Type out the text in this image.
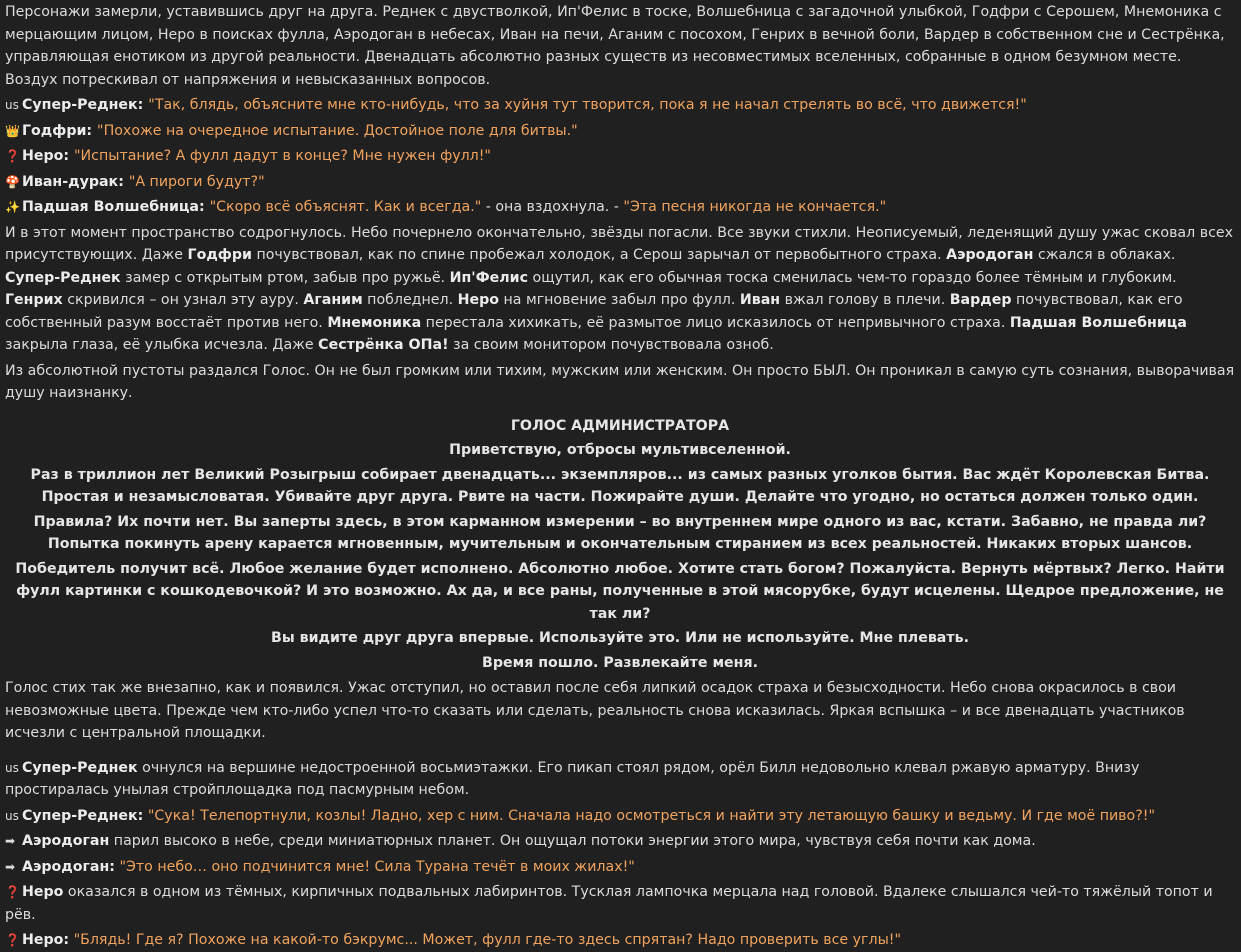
Персонажи замерли, уставившись друг на друга. Реднек с двустволкой, Ип'Фелис в тоске, Волшебница с загадочной улыбкой, Годфри с Серошем, Мнемоника с мерцающим лицом, Неро в поисках фулла, Аэродоган в небесах, Иван на печи, Аганим с посохом, Генрих в вечной боли, Вардер в собственном сне и Сестрёнка, управляющая енотиком из другой реальности. Двенадцать абсолютно разных существ из несовместимых вселенных, собранные в одном безумном месте. Воздух потрескивал от напряжения и невысказанных вопросов.
us Супер-Реднек: "Так, блядь, объясните мне кто-нибудь, что за хуйня тут творится, пока я не начал стрелять во всё, что движется!"
👑 Годфри: "Похоже на очередное испытание. Достойное поле для битвы."
❓ Неро: "Испытание? А фулл дадут в конце? Мне нужен фулл!"
🍄 Иван-дурак: "А пироги будут?"
✨ Падшая Волшебница: "Скоро всё объяснят. Как и всегда." - она вздохнула. - "Эта песня никогда не кончается."
И в этот момент пространство содрогнулось. Небо почернело окончательно, звёзды погасли. Все звуки стихли. Неописуемый, леденящий душу ужас сковал всех присутствующих. Даже Годфри почувствовал, как по спине пробежал холодок, а Серош зарычал от первобытного страха. Аэродоган сжался в облаках. Супер-Реднек замер с открытым ртом, забыв про ружьё. Ип'Фелис ощутил, как его обычная тоска сменилась чем-то гораздо более тёмным и глубоким. Генрих скривился – он узнал эту ауру. Аганим побледнел. Неро на мгновение забыл про фулл. Иван вжал голову в плечи. Вардер почувствовал, как его собственный разум восстаёт против него. Мнемоника перестала хихикать, её размытое лицо исказилось от непривычного страха. Падшая Волшебница закрыла глаза, её улыбка исчезла. Даже Сестрёнка ОПа! за своим монитором почувствовала озноб.
Из абсолютной пустоты раздался Голос. Он не был громким или тихим, мужским или женским. Он просто БЫЛ. Он проникал в самую суть сознания, выворачивая душу наизнанку.
ГОЛОС АДМИНИСТРАТОРА
Приветствую, отбросы мультивселенной.
Раз в триллион лет Великий Розыгрыш собирает двенадцать... экземпляров... из самых разных уголков бытия. Вас ждёт Королевская Битва. Простая и незамысловатая. Убивайте друг друга. Рвите на части. Пожирайте души. Делайте что угодно, но остаться должен только один.
Правила? Их почти нет. Вы заперты здесь, в этом карманном измерении – во внутреннем мире одного из вас, кстати. Забавно, не правда ли? Попытка покинуть арену карается мгновенным, мучительным и окончательным стиранием из всех реальностей. Никаких вторых шансов.
Победитель получит всё. Любое желание будет исполнено. Абсолютно любое. Хотите стать богом? Пожалуйста. Вернуть мёртвых? Легко. Найти фулл картинки с кошкодевочкой? И это возможно. Ах да, и все раны, полученные в этой мясорубке, будут исцелены. Щедрое предложение, не так ли?
Вы видите друг друга впервые. Используйте это. Или не используйте. Мне плевать.
Время пошло. Развлекайте меня.
Голос стих так же внезапно, как и появился. Ужас отступил, но оставил после себя липкий осадок страха и безысходности. Небо снова окрасилось в свои невозможные цвета. Прежде чем кто-либо успел что-то сказать или сделать, реальность снова исказилась. Яркая вспышка – и все двенадцать участников исчезли с центральной площадки.
us Супер-Реднек очнулся на вершине недостроенной восьмиэтажки. Его пикап стоял рядом, орёл Билл недовольно клевал ржавую арматуру. Внизу простиралась унылая стройплощадка под пасмурным небом.
us Супер-Реднек: "Сука! Телепортнули, козлы! Ладно, хер с ним. Сначала надо осмотреться и найти эту летающую башку и ведьму. И где моё пиво?!"
➡ Аэродоган парил высоко в небе, среди миниатюрных планет. Он ощущал потоки энергии этого мира, чувствуя себя почти как дома.
➡ Аэродоган: "Это небо… оно подчинится мне! Сила Турана течёт в моих жилах!"
❓ Неро оказался в одном из тёмных, кирпичных подвальных лабиринтов. Тусклая лампочка мерцала над головой. Вдалеке слышался чей-то тяжёлый топот и рёв.
❓ Неро: "Блядь! Где я? Похоже на какой-то бэкрумс... Может, фулл где-то здесь спрятан? Надо проверить все углы!"
